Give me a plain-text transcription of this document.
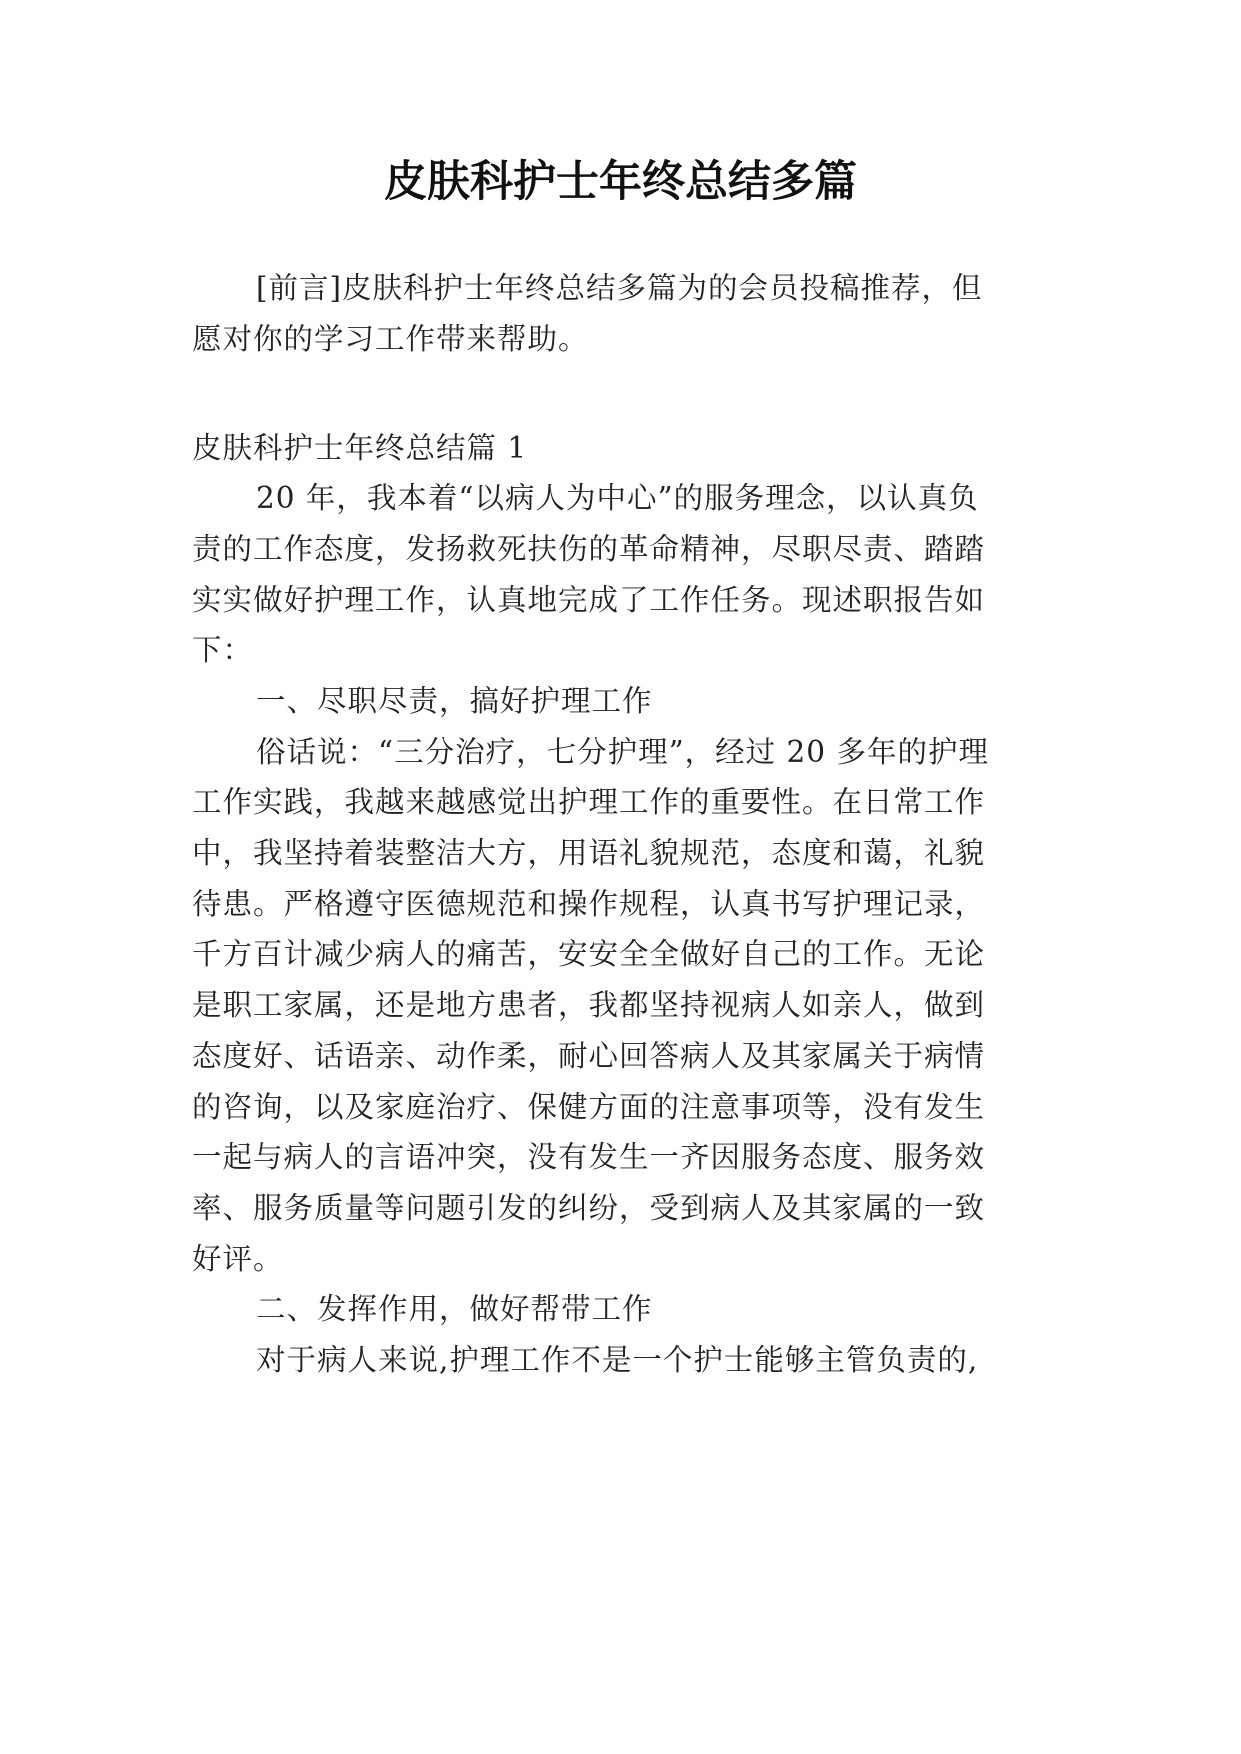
皮肤科护士年终总结多篇
[前言]皮肤科护士年终总结多篇为的会员投稿推荐，但
愿对你的学习工作带来帮助。
皮肤科护士年终总结篇 1
20 年，我本着“以病人为中心”的服务理念，以认真负
责的工作态度，发扬救死扶伤的革命精神，尽职尽责、踏踏
实实做好护理工作，认真地完成了工作任务。现述职报告如
下：
一、尽职尽责，搞好护理工作
俗话说：“三分治疗，七分护理”，经过 20 多年的护理
工作实践，我越来越感觉出护理工作的重要性。在日常工作
中，我坚持着装整洁大方，用语礼貌规范，态度和蔼，礼貌
待患。严格遵守医德规范和操作规程，认真书写护理记录，
千方百计减少病人的痛苦，安安全全做好自己的工作。无论
是职工家属，还是地方患者，我都坚持视病人如亲人，做到
态度好、话语亲、动作柔，耐心回答病人及其家属关于病情
的咨询，以及家庭治疗、保健方面的注意事项等，没有发生
一起与病人的言语冲突，没有发生一齐因服务态度、服务效
率、服务质量等问题引发的纠纷，受到病人及其家属的一致
好评。
二、发挥作用，做好帮带工作
对于病人来说,护理工作不是一个护士能够主管负责的,
